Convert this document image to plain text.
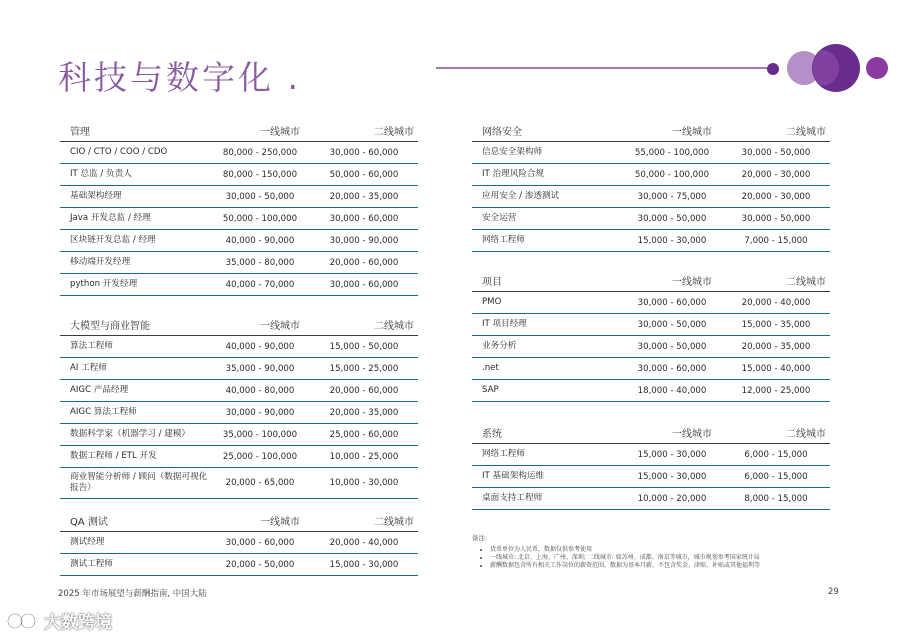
科技与数字化 .
管理	一线城市	二线城市
CIO / CTO / COO / CDO	80,000 - 250,000	30,000 - 60,000
IT 总监 / 负责人	80,000 - 150,000	50,000 - 60,000
基础架构经理	30,000 - 50,000	20,000 - 35,000
Java 开发总监 / 经理	50,000 - 100,000	30,000 - 60,000
区块链开发总监 / 经理	40,000 - 90,000	30,000 - 90,000
移动端开发经理	35,000 - 80,000	20,000 - 60,000
python 开发经理	40,000 - 70,000	30,000 - 60,000
大模型与商业智能	一线城市	二线城市
算法工程师	40,000 - 90,000	15,000 - 50,000
AI 工程师	35,000 - 90,000	15,000 - 25,000
AIGC 产品经理	40,000 - 80,000	20,000 - 60,000
AIGC 算法工程师	30,000 - 90,000	20,000 - 35,000
数据科学家（机器学习 / 建模）	35,000 - 100,000	25,000 - 60,000
数据工程师 / ETL 开发	25,000 - 100,000	10,000 - 25,000
商业智能分析师 / 顾问（数据可视化报告）	20,000 - 65,000	10,000 - 30,000
QA 测试	一线城市	二线城市
测试经理	30,000 - 60,000	20,000 - 40,000
测试工程师	20,000 - 50,000	15,000 - 30,000
网络安全	一线城市	二线城市
信息安全架构师	55,000 - 100,000	30,000 - 50,000
IT 治理风险合规	50,000 - 100,000	20,000 - 30,000
应用安全 / 渗透测试	30,000 - 75,000	20,000 - 30,000
安全运营	30,000 - 50,000	30,000 - 50,000
网络工程师	15,000 - 30,000	7,000 - 15,000
项目	一线城市	二线城市
PMO	30,000 - 60,000	20,000 - 40,000
IT 项目经理	30,000 - 50,000	15,000 - 35,000
业务分析	30,000 - 50,000	20,000 - 35,000
.net	30,000 - 60,000	15,000 - 40,000
SAP	18,000 - 40,000	12,000 - 25,000
系统	一线城市	二线城市
网络工程师	15,000 - 30,000	6,000 - 15,000
IT 基础架构运维	15,000 - 30,000	6,000 - 15,000
桌面支持工程师	10,000 - 20,000	8,000 - 15,000
备注:
• 货币单位为人民币，数据仅供参考使用
• 一线城市: 北京、上海、广州、深圳; 二线城市: 如苏州、成都、南京等城市，城市规划参考国家统计局
• 薪酬数据包含所有相关工作岗位的薪资范围，数据为基本月薪，不包含奖金、津贴、补贴或其他福利等
2025 年市场展望与薪酬指南, 中国大陆	29
大数跨境
